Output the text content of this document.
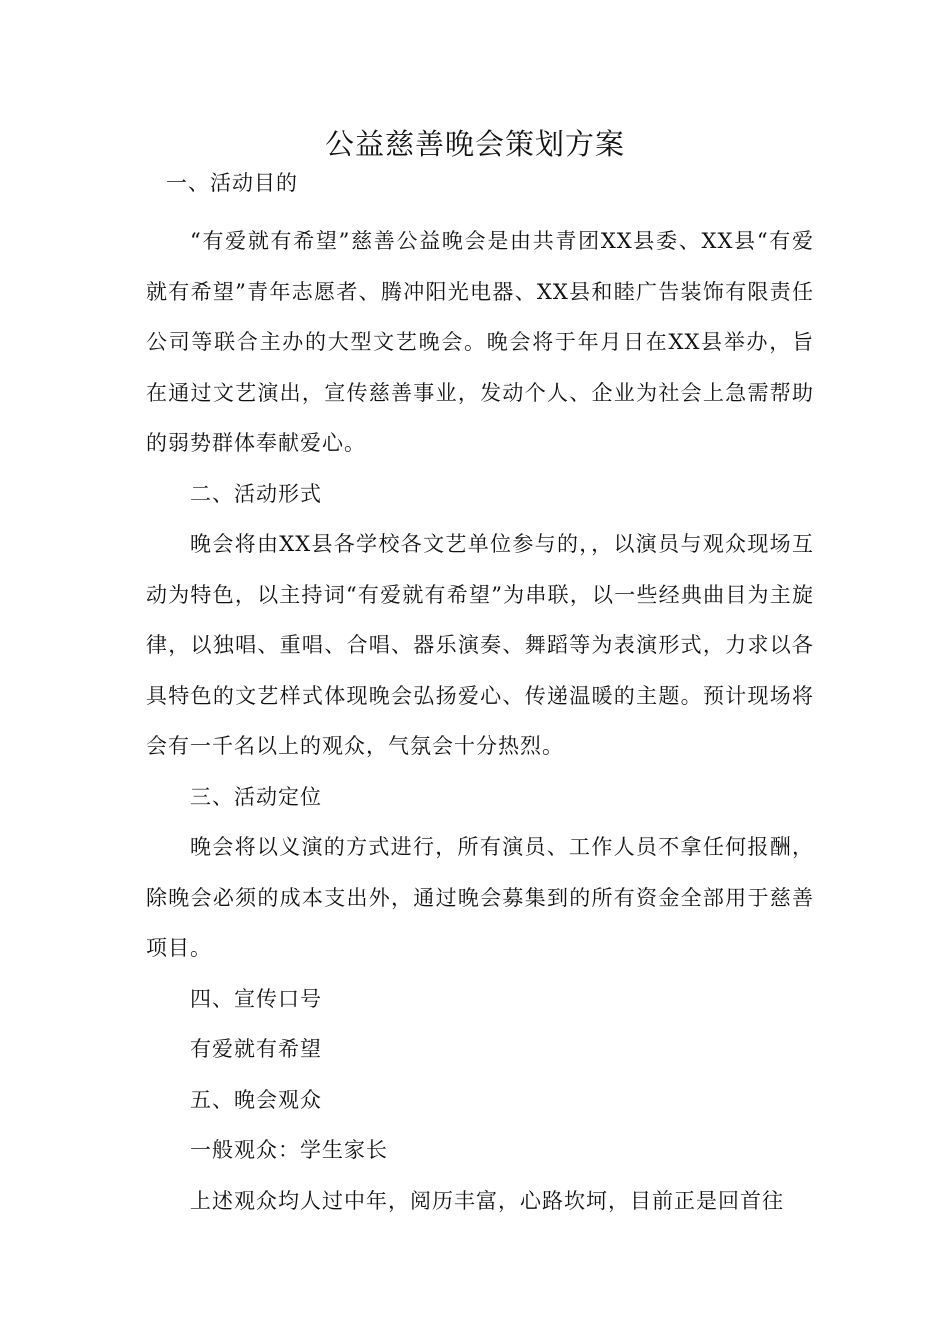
公益慈善晚会策划方案
一、活动目的

“有爱就有希望”慈善公益晚会是由共青团XX县委、XX县“有爱就有希望”青年志愿者、腾冲阳光电器、XX县和睦广告装饰有限责任公司等联合主办的大型文艺晚会。晚会将于年月日在XX县举办，旨在通过文艺演出，宣传慈善事业，发动个人、企业为社会上急需帮助的弱势群体奉献爱心。

二、活动形式

晚会将由XX县各学校各文艺单位参与的，，以演员与观众现场互动为特色，以主持词“有爱就有希望”为串联，以一些经典曲目为主旋律，以独唱、重唱、合唱、器乐演奏、舞蹈等为表演形式，力求以各具特色的文艺样式体现晚会弘扬爱心、传递温暖的主题。预计现场将会有一千名以上的观众，气氛会十分热烈。

三、活动定位

晚会将以义演的方式进行，所有演员、工作人员不拿任何报酬，除晚会必须的成本支出外，通过晚会募集到的所有资金全部用于慈善项目。

四、宣传口号

有爱就有希望

五、晚会观众

一般观众：学生家长

上述观众均人过中年，阅历丰富，心路坎坷，目前正是回首往
